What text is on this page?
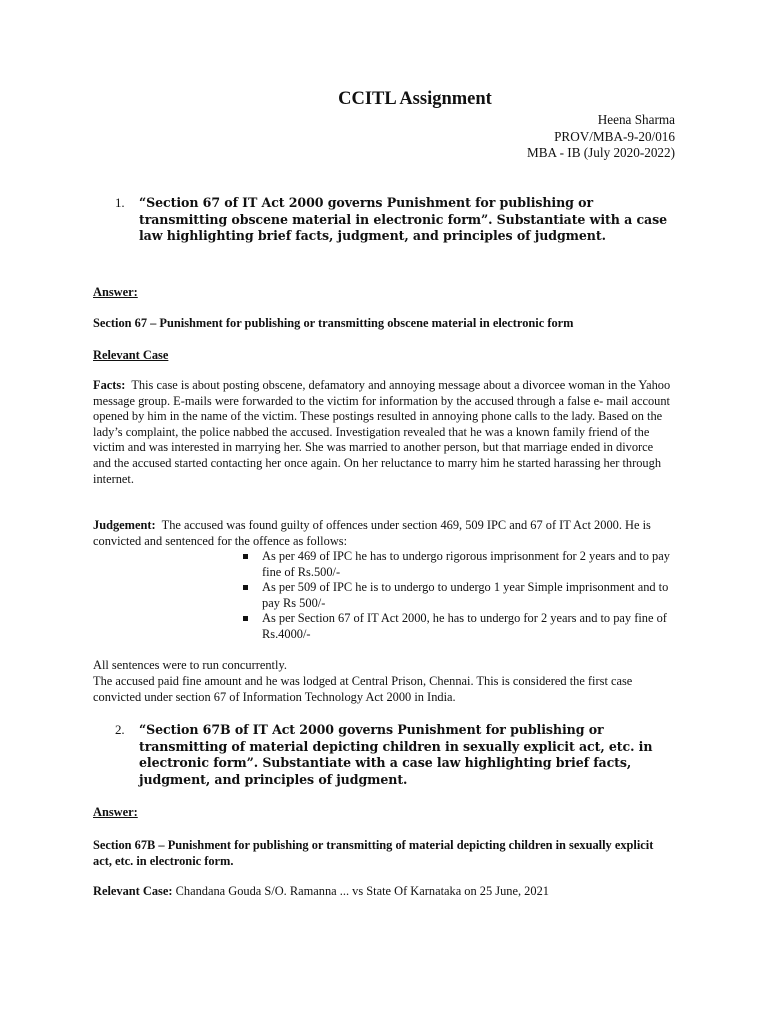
CCITL Assignment
Heena Sharma
PROV/MBA-9-20/016
MBA - IB (July 2020-2022)
1.	“Section 67 of IT Act 2000 governs Punishment for publishing or transmitting obscene material in electronic form”. Substantiate with a case law highlighting brief facts, judgment, and principles of judgment.
Answer:
Section 67 – Punishment for publishing or transmitting obscene material in electronic form
Relevant Case
Facts: This case is about posting obscene, defamatory and annoying message about a divorcee woman in the Yahoo message group. E-mails were forwarded to the victim for information by the accused through a false e- mail account opened by him in the name of the victim. These postings resulted in annoying phone calls to the lady. Based on the lady’s complaint, the police nabbed the accused. Investigation revealed that he was a known family friend of the victim and was interested in marrying her. She was married to another person, but that marriage ended in divorce and the accused started contacting her once again. On her reluctance to marry him he started harassing her through internet.
Judgement: The accused was found guilty of offences under section 469, 509 IPC and 67 of IT Act 2000. He is convicted and sentenced for the offence as follows:
As per 469 of IPC he has to undergo rigorous imprisonment for 2 years and to pay fine of Rs.500/-
As per 509 of IPC he is to undergo to undergo 1 year Simple imprisonment and to pay Rs 500/-
As per Section 67 of IT Act 2000, he has to undergo for 2 years and to pay fine of Rs.4000/-
All sentences were to run concurrently.
The accused paid fine amount and he was lodged at Central Prison, Chennai. This is considered the first case convicted under section 67 of Information Technology Act 2000 in India.
2.	“Section 67B of IT Act 2000 governs Punishment for publishing or transmitting of material depicting children in sexually explicit act, etc. in electronic form”. Substantiate with a case law highlighting brief facts, judgment, and principles of judgment.
Answer:
Section 67B – Punishment for publishing or transmitting of material depicting children in sexually explicit act, etc. in electronic form.
Relevant Case: Chandana Gouda S/O. Ramanna ... vs State Of Karnataka on 25 June, 2021
